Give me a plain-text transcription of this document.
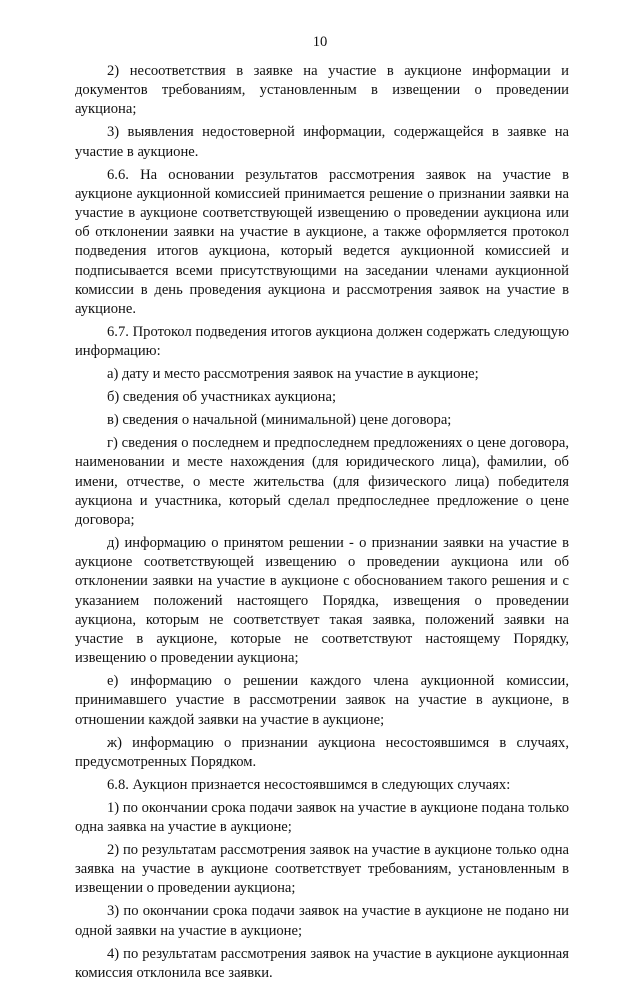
10

2) несоответствия в заявке на участие в аукционе информации и документов требованиям, установленным в извещении о проведении аукциона;

3) выявления недостоверной информации, содержащейся в заявке на участие в аукционе.

6.6. На основании результатов рассмотрения заявок на участие в аукционе аукционной комиссией принимается решение о признании заявки на участие в аукционе соответствующей извещению о проведении аукциона или об отклонении заявки на участие в аукционе, а также оформляется протокол подведения итогов аукциона, который ведется аукционной комиссией и подписывается всеми присутствующими на заседании членами аукционной комиссии в день проведения аукциона и рассмотрения заявок на участие в аукционе.

6.7. Протокол подведения итогов аукциона должен содержать следующую информацию:

а) дату и место рассмотрения заявок на участие в аукционе;

б) сведения об участниках аукциона;

в) сведения о начальной (минимальной) цене договора;

г) сведения о последнем и предпоследнем предложениях о цене договора, наименовании и месте нахождения (для юридического лица), фамилии, об имени, отчестве, о месте жительства (для физического лица) победителя аукциона и участника, который сделал предпоследнее предложение о цене договора;

д) информацию о принятом решении - о признании заявки на участие в аукционе соответствующей извещению о проведении аукциона или об отклонении заявки на участие в аукционе с обоснованием такого решения и с указанием положений настоящего Порядка, извещения о проведении аукциона, которым не соответствует такая заявка, положений заявки на участие в аукционе, которые не соответствуют настоящему Порядку, извещению о проведении аукциона;

е) информацию о решении каждого члена аукционной комиссии, принимавшего участие в рассмотрении заявок на участие в аукционе, в отношении каждой заявки на участие в аукционе;

ж) информацию о признании аукциона несостоявшимся в случаях, предусмотренных Порядком.

6.8. Аукцион признается несостоявшимся в следующих случаях:

1) по окончании срока подачи заявок на участие в аукционе подана только одна заявка на участие в аукционе;

2) по результатам рассмотрения заявок на участие в аукционе только одна заявка на участие в аукционе соответствует требованиям, установленным в извещении о проведении аукциона;

3) по окончании срока подачи заявок на участие в аукционе не подано ни одной заявки на участие в аукционе;

4) по результатам рассмотрения заявок на участие в аукционе аукционная комиссия отклонила все заявки.
